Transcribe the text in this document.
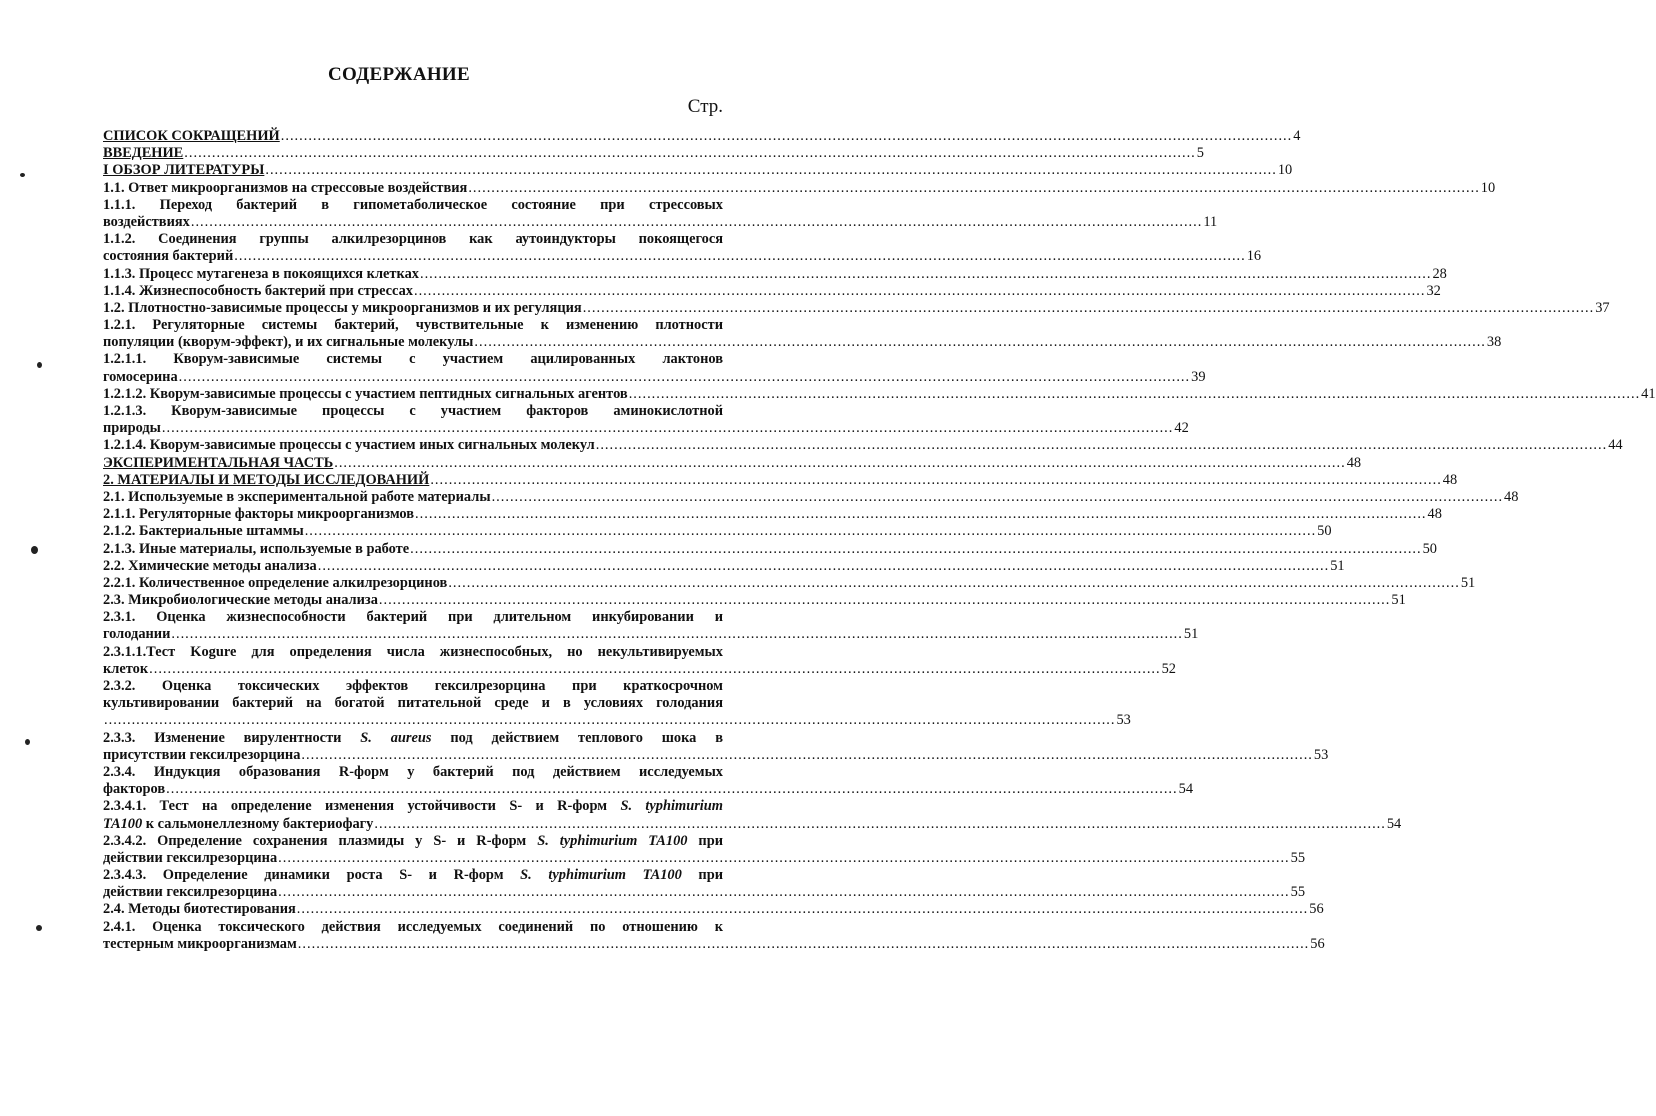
СОДЕРЖАНИЕ
Стр.
СПИСОК СОКРАЩЕНИЙ ............................................................................................................................................................................................................................ 4
ВВЕДЕНИЕ ............................................................................................................................................................................................................................ 5
I ОБЗОР ЛИТЕРАТУРЫ ............................................................................................................................................................................................................................ 10
1.1. Ответ микроорганизмов на стрессовые воздействия ............................................................................................................................................................................................................................ 10
1.1.1. Переход бактерий в гипометаболическое состояние при стрессовых
воздействиях ............................................................................................................................................................................................................................ 11
1.1.2. Соединения группы алкилрезорцинов как аутоиндукторы покоящегося
состояния бактерий ............................................................................................................................................................................................................................ 16
1.1.3. Процесс мутагенеза в покоящихся клетках ............................................................................................................................................................................................................................ 28
1.1.4. Жизнеспособность бактерий при стрессах ............................................................................................................................................................................................................................ 32
1.2. Плотностно-зависимые процессы у микроорганизмов и их регуляция ............................................................................................................................................................................................................................ 37
1.2.1. Регуляторные системы бактерий, чувствительные к изменению плотности
популяции (кворум-эффект), и их сигнальные молекулы ............................................................................................................................................................................................................................ 38
1.2.1.1. Кворум-зависимые системы с участием ацилированных лактонов
гомосерина ............................................................................................................................................................................................................................ 39
1.2.1.2. Кворум-зависимые процессы с участием пептидных сигнальных агентов ............................................................................................................................................................................................................................ 41
1.2.1.3. Кворум-зависимые процессы с участием факторов аминокислотной
природы ............................................................................................................................................................................................................................ 42
1.2.1.4. Кворум-зависимые процессы с участием иных сигнальных молекул ............................................................................................................................................................................................................................ 44
ЭКСПЕРИМЕНТАЛЬНАЯ ЧАСТЬ ............................................................................................................................................................................................................................ 48
2. МАТЕРИАЛЫ И МЕТОДЫ ИССЛЕДОВАНИЙ ............................................................................................................................................................................................................................ 48
2.1. Используемые в экспериментальной работе материалы ............................................................................................................................................................................................................................ 48
2.1.1. Регуляторные факторы микроорганизмов ............................................................................................................................................................................................................................ 48
2.1.2. Бактериальные штаммы ............................................................................................................................................................................................................................ 50
2.1.3. Иные материалы, используемые в работе ............................................................................................................................................................................................................................ 50
2.2. Химические методы анализа ............................................................................................................................................................................................................................ 51
2.2.1. Количественное определение алкилрезорцинов ............................................................................................................................................................................................................................ 51
2.3. Микробиологические методы анализа ............................................................................................................................................................................................................................ 51
2.3.1. Оценка жизнеспособности бактерий при длительном инкубировании и
голодании ............................................................................................................................................................................................................................ 51
2.3.1.1.Тест Kogure для определения числа жизнеспособных, но некультивируемых
клеток ............................................................................................................................................................................................................................ 52
2.3.2. Оценка токсических эффектов гексилрезорцина при краткосрочном
культивировании бактерий на богатой питательной среде и в условиях голодания
............................................................................................................................................................................................................................ 53
2.3.3. Изменение вирулентности S. aureus под действием теплового шока в
присутствии гексилрезорцина ............................................................................................................................................................................................................................ 53
2.3.4. Индукция образования R-форм у бактерий под действием исследуемых
факторов ............................................................................................................................................................................................................................ 54
2.3.4.1. Тест на определение изменения устойчивости S- и R-форм S. typhimurium
TA100 к сальмонеллезному бактериофагу ............................................................................................................................................................................................................................ 54
2.3.4.2. Определение сохранения плазмиды у S- и R-форм S. typhimurium TA100 при
действии гексилрезорцина ............................................................................................................................................................................................................................ 55
2.3.4.3. Определение динамики роста S- и R-форм S. typhimurium TA100 при
действии гексилрезорцина ............................................................................................................................................................................................................................ 55
2.4. Методы биотестирования ............................................................................................................................................................................................................................ 56
2.4.1. Оценка токсического действия исследуемых соединений по отношению к
тестерным микроорганизмам ............................................................................................................................................................................................................................ 56
